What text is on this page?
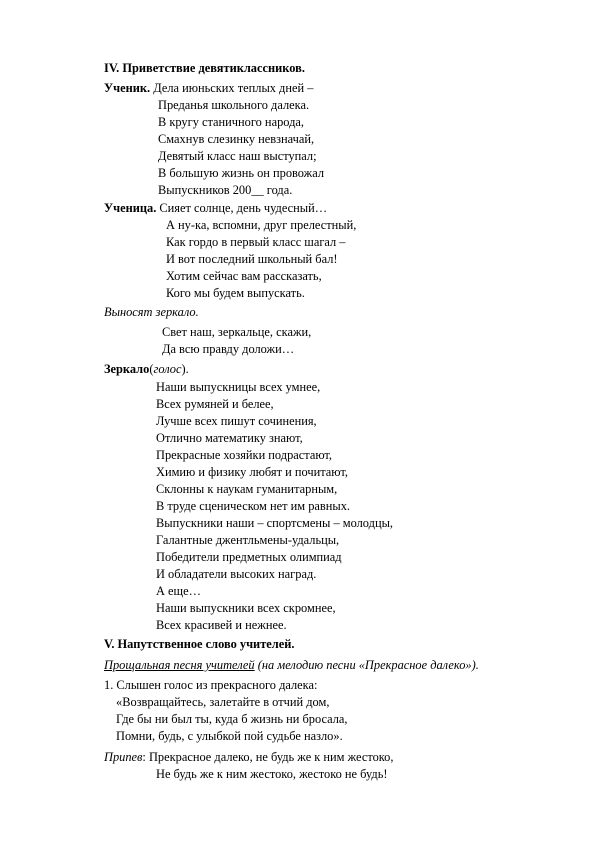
IV. Приветствие девятиклассников.
Ученик. Дела июньских теплых дней –
Преданья школьного далека.
В кругу станичного народа,
Смахнув слезинку невзначай,
Девятый класс наш выступал;
В большую жизнь он провожал
Выпускников 200__ года.
Ученица. Сияет солнце, день чудесный…
А ну-ка, вспомни, друг прелестный,
Как гордо в первый класс шагал –
И вот последний школьный бал!
Хотим сейчас вам рассказать,
Кого мы будем выпускать.
Выносят зеркало.
Свет наш, зеркальце, скажи,
Да всю правду доложи…
Зеркало(голос).
Наши выпускницы всех умнее,
Всех румяней и белее,
Лучше всех пишут сочинения,
Отлично математику знают,
Прекрасные хозяйки подрастают,
Химию и физику любят и почитают,
Склонны к наукам гуманитарным,
В труде сценическом нет им равных.
Выпускники наши – спортсмены – молодцы,
Галантные джентльмены-удальцы,
Победители предметных олимпиад
И обладатели высоких наград.
А еще…
Наши выпускники всех скромнее,
Всех красивей и нежнее.
V. Напутственное слово учителей.
Прощальная песня учителей (на мелодию песни «Прекрасное далеко»).
1. Слышен голос из прекрасного далека:
«Возвращайтесь, залетайте в отчий дом,
Где бы ни был ты, куда б жизнь ни бросала,
Помни, будь, с улыбкой пой судьбе назло».
Припев: Прекрасное далеко, не будь же к ним жестоко,
Не будь же к ним жестоко, жестоко не будь!
